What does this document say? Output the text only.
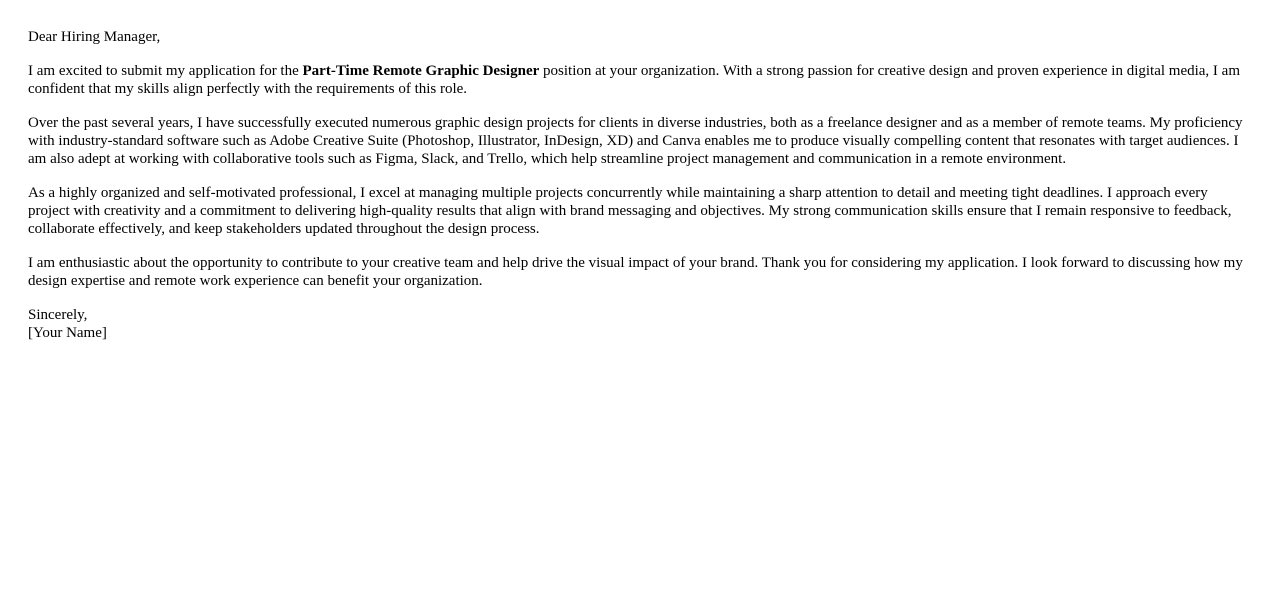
Dear Hiring Manager,

I am excited to submit my application for the Part-Time Remote Graphic Designer position at your organization. With a strong passion for creative design and proven experience in digital media, I am confident that my skills align perfectly with the requirements of this role.

Over the past several years, I have successfully executed numerous graphic design projects for clients in diverse industries, both as a freelance designer and as a member of remote teams. My proficiency with industry-standard software such as Adobe Creative Suite (Photoshop, Illustrator, InDesign, XD) and Canva enables me to produce visually compelling content that resonates with target audiences. I am also adept at working with collaborative tools such as Figma, Slack, and Trello, which help streamline project management and communication in a remote environment.

As a highly organized and self-motivated professional, I excel at managing multiple projects concurrently while maintaining a sharp attention to detail and meeting tight deadlines. I approach every project with creativity and a commitment to delivering high-quality results that align with brand messaging and objectives. My strong communication skills ensure that I remain responsive to feedback, collaborate effectively, and keep stakeholders updated throughout the design process.

I am enthusiastic about the opportunity to contribute to your creative team and help drive the visual impact of your brand. Thank you for considering my application. I look forward to discussing how my design expertise and remote work experience can benefit your organization.

Sincerely,
[Your Name]
